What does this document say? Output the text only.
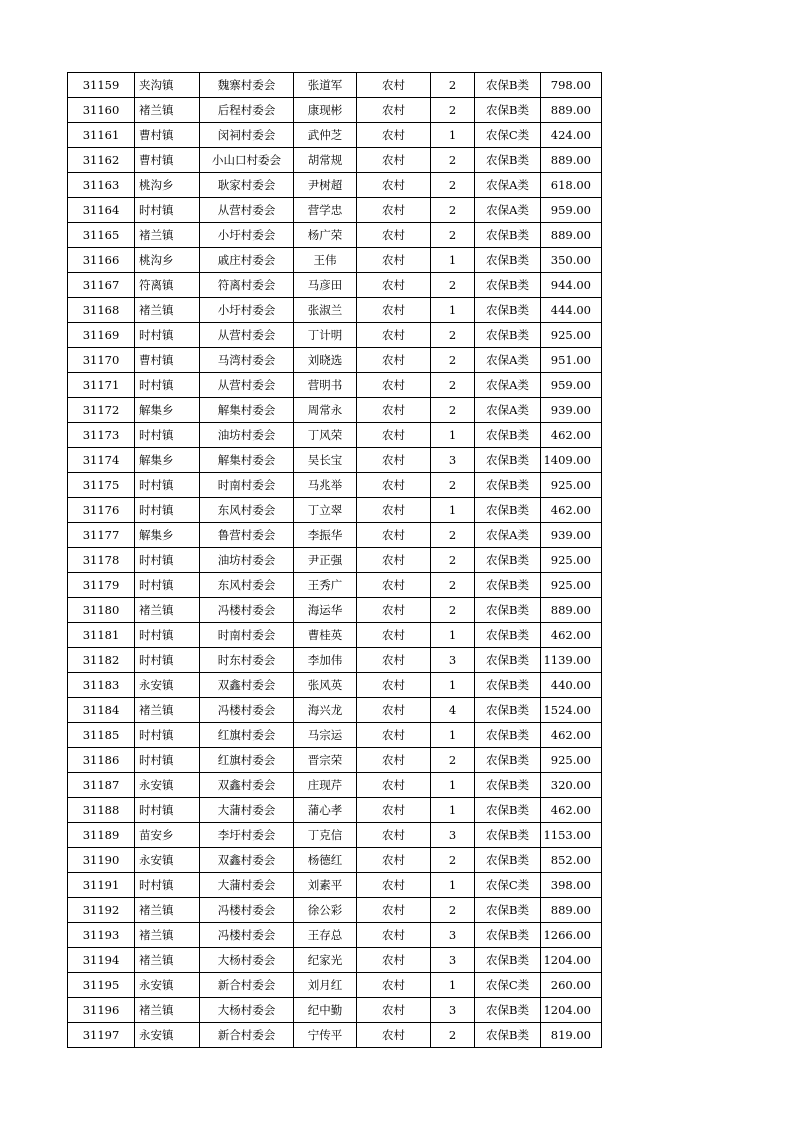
31159	夹沟镇	魏寨村委会	张道军	农村	2	农保B类	798.00
31160	褚兰镇	后程村委会	康现彬	农村	2	农保B类	889.00
31161	曹村镇	闵祠村委会	武仲芝	农村	1	农保C类	424.00
31162	曹村镇	小山口村委会	胡常规	农村	2	农保B类	889.00
31163	桃沟乡	耿家村委会	尹树超	农村	2	农保A类	618.00
31164	时村镇	从营村委会	营学忠	农村	2	农保A类	959.00
31165	褚兰镇	小圩村委会	杨广荣	农村	2	农保B类	889.00
31166	桃沟乡	戚庄村委会	王伟	农村	1	农保B类	350.00
31167	符离镇	符离村委会	马彦田	农村	2	农保B类	944.00
31168	褚兰镇	小圩村委会	张淑兰	农村	1	农保B类	444.00
31169	时村镇	从营村委会	丁计明	农村	2	农保B类	925.00
31170	曹村镇	马湾村委会	刘晓选	农村	2	农保A类	951.00
31171	时村镇	从营村委会	营明书	农村	2	农保A类	959.00
31172	解集乡	解集村委会	周常永	农村	2	农保A类	939.00
31173	时村镇	油坊村委会	丁风荣	农村	1	农保B类	462.00
31174	解集乡	解集村委会	吴长宝	农村	3	农保B类	1409.00
31175	时村镇	时南村委会	马兆举	农村	2	农保B类	925.00
31176	时村镇	东风村委会	丁立翠	农村	1	农保B类	462.00
31177	解集乡	鲁营村委会	李振华	农村	2	农保A类	939.00
31178	时村镇	油坊村委会	尹正强	农村	2	农保B类	925.00
31179	时村镇	东风村委会	王秀广	农村	2	农保B类	925.00
31180	褚兰镇	冯楼村委会	海运华	农村	2	农保B类	889.00
31181	时村镇	时南村委会	曹桂英	农村	1	农保B类	462.00
31182	时村镇	时东村委会	李加伟	农村	3	农保B类	1139.00
31183	永安镇	双鑫村委会	张风英	农村	1	农保B类	440.00
31184	褚兰镇	冯楼村委会	海兴龙	农村	4	农保B类	1524.00
31185	时村镇	红旗村委会	马宗运	农村	1	农保B类	462.00
31186	时村镇	红旗村委会	晋宗荣	农村	2	农保B类	925.00
31187	永安镇	双鑫村委会	庄现芹	农村	1	农保B类	320.00
31188	时村镇	大蒲村委会	蒲心孝	农村	1	农保B类	462.00
31189	苗安乡	李圩村委会	丁克信	农村	3	农保B类	1153.00
31190	永安镇	双鑫村委会	杨德红	农村	2	农保B类	852.00
31191	时村镇	大蒲村委会	刘素平	农村	1	农保C类	398.00
31192	褚兰镇	冯楼村委会	徐公彩	农村	2	农保B类	889.00
31193	褚兰镇	冯楼村委会	王存总	农村	3	农保B类	1266.00
31194	褚兰镇	大杨村委会	纪家光	农村	3	农保B类	1204.00
31195	永安镇	新合村委会	刘月红	农村	1	农保C类	260.00
31196	褚兰镇	大杨村委会	纪中勤	农村	3	农保B类	1204.00
31197	永安镇	新合村委会	宁传平	农村	2	农保B类	819.00
